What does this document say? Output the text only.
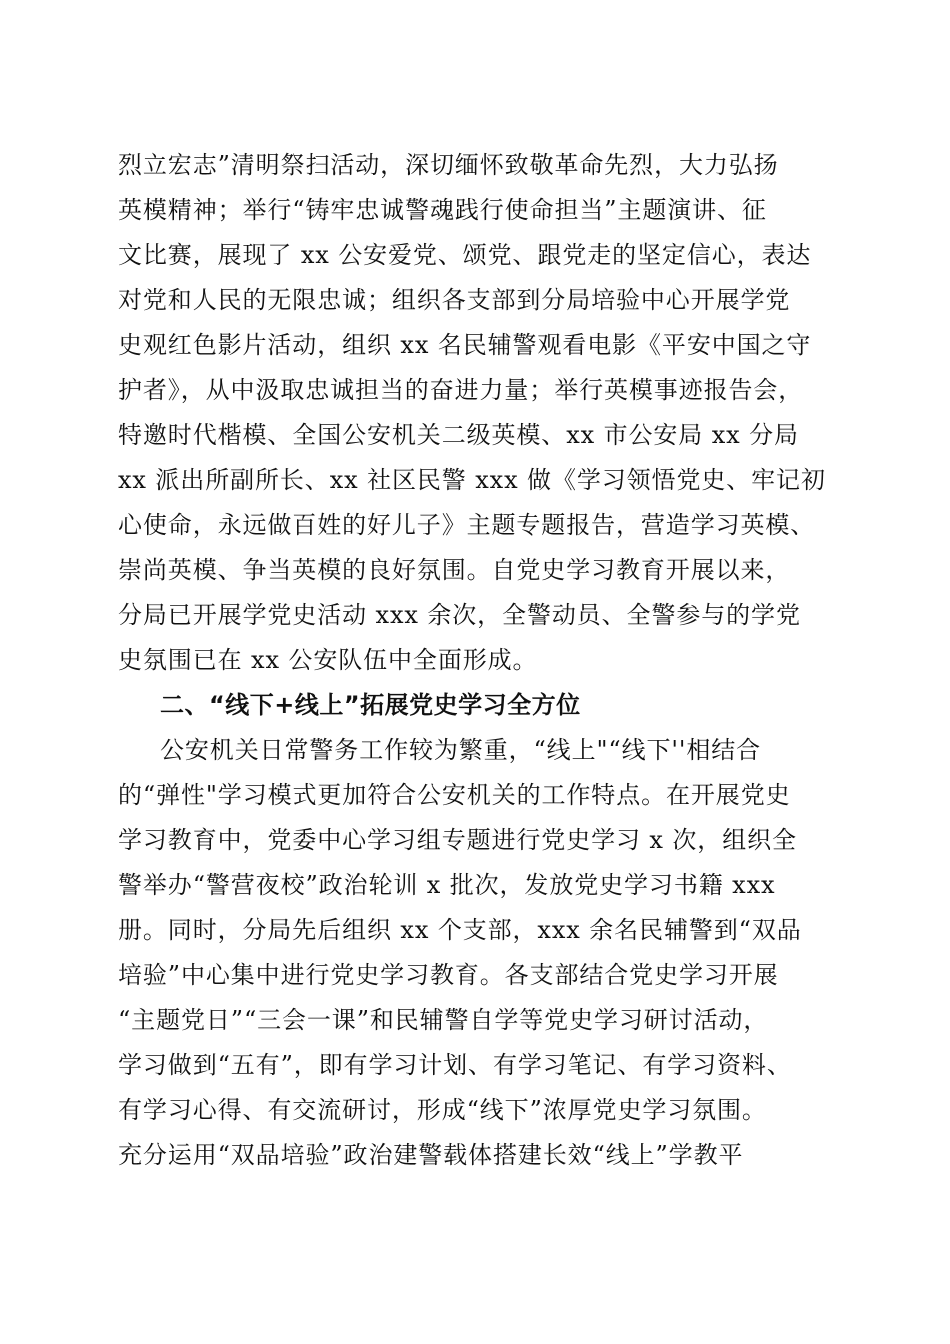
烈立宏志”清明祭扫活动，深切缅怀致敬革命先烈，大力弘扬
英模精神；举行“铸牢忠诚警魂践行使命担当”主题演讲、征
文比赛，展现了 xx 公安爱党、颂党、跟党走的坚定信心，表达
对党和人民的无限忠诚；组织各支部到分局培验中心开展学党
史观红色影片活动，组织 xx 名民辅警观看电影《平安中国之守
护者》，从中汲取忠诚担当的奋进力量；举行英模事迹报告会，
特邀时代楷模、全国公安机关二级英模、xx 市公安局 xx 分局
xx 派出所副所长、xx 社区民警 xxx 做《学习领悟党史、牢记初
心使命，永远做百姓的好儿子》主题专题报告，营造学习英模、
崇尚英模、争当英模的良好氛围。自党史学习教育开展以来，
分局已开展学党史活动 xxx 余次，全警动员、全警参与的学党
史氛围已在 xx 公安队伍中全面形成。
二、“线下+线上”拓展党史学习全方位
公安机关日常警务工作较为繁重，“线上"“线下''相结合
的“弹性"学习模式更加符合公安机关的工作特点。在开展党史
学习教育中，党委中心学习组专题进行党史学习 x 次，组织全
警举办“警营夜校”政治轮训 x 批次，发放党史学习书籍 xxx
册。同时，分局先后组织 xx 个支部，xxx 余名民辅警到“双品
培验”中心集中进行党史学习教育。各支部结合党史学习开展
“主题党日”“三会一课”和民辅警自学等党史学习研讨活动，
学习做到“五有”，即有学习计划、有学习笔记、有学习资料、
有学习心得、有交流研讨，形成“线下”浓厚党史学习氛围。
充分运用“双品培验”政治建警载体搭建长效“线上”学教平
